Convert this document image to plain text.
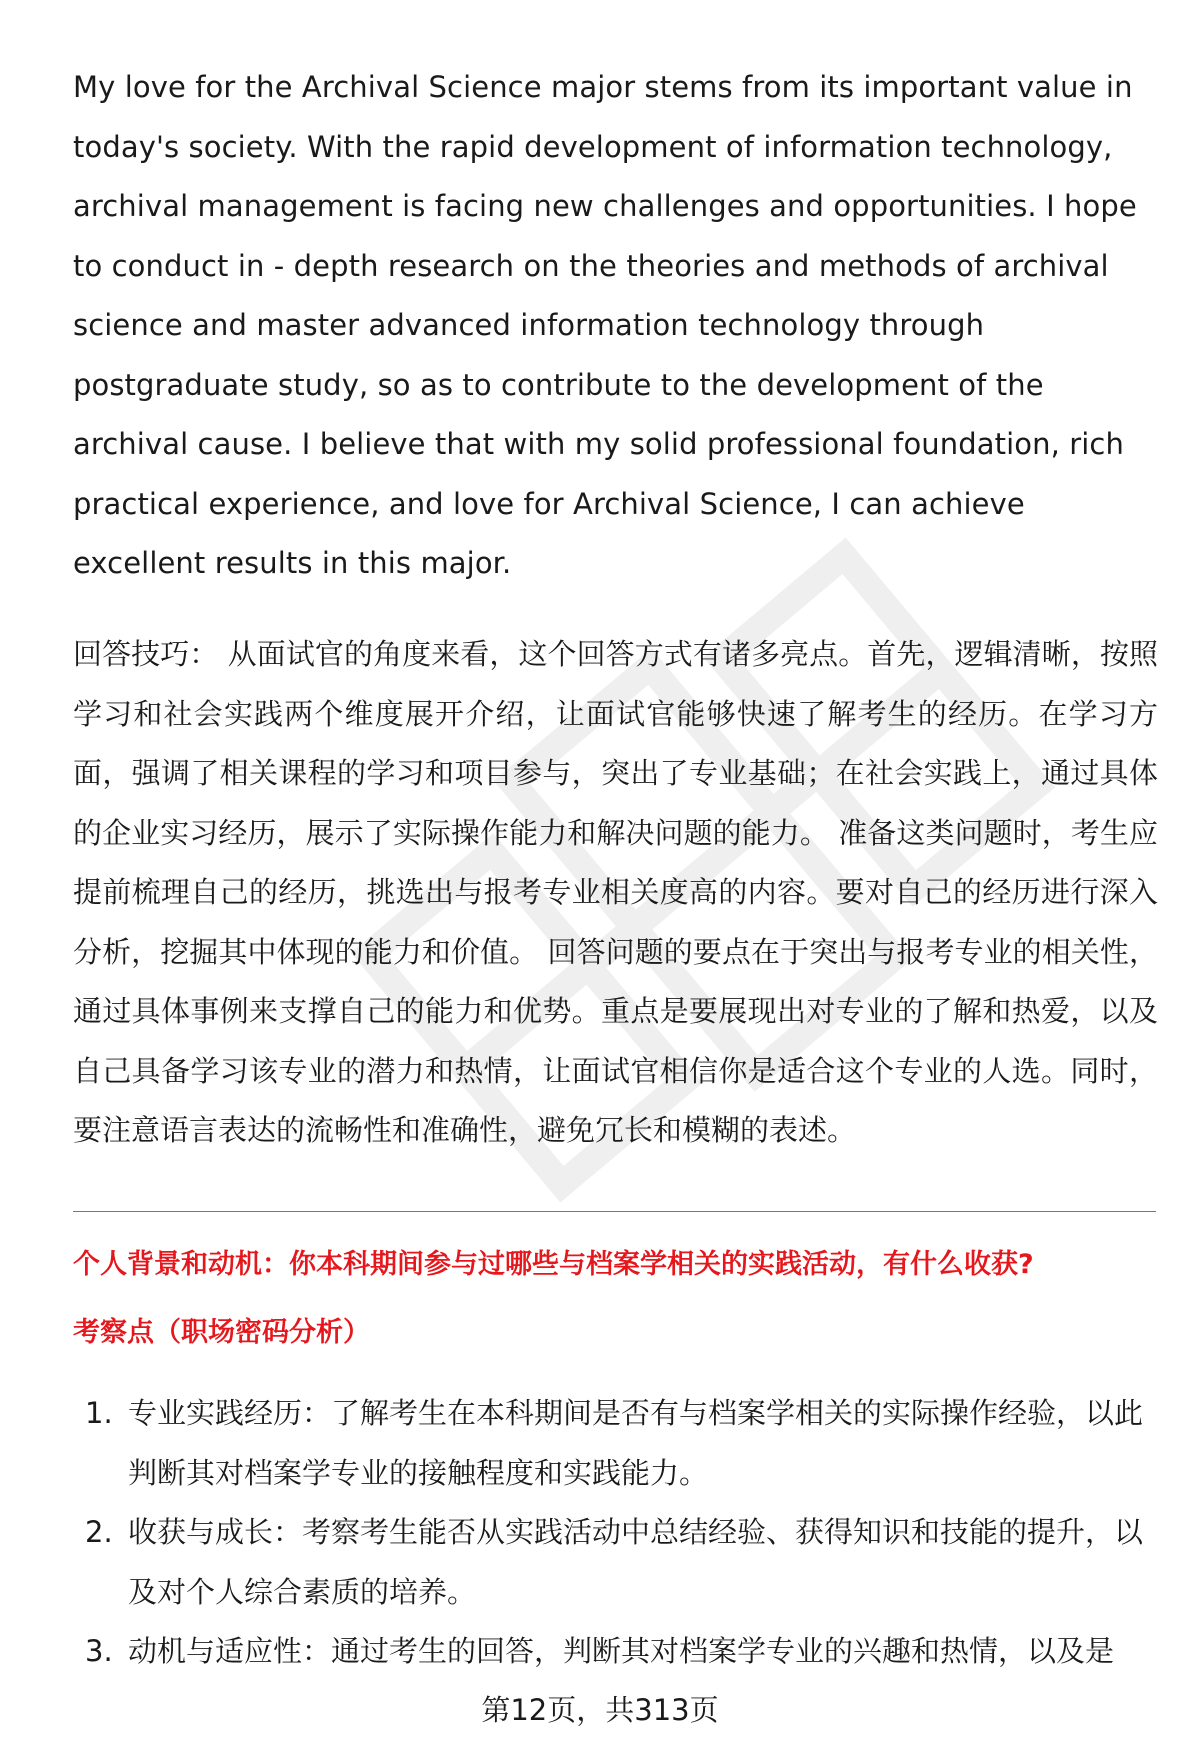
My love for the Archival Science major stems from its important value in today's society. With the rapid development of information technology, archival management is facing new challenges and opportunities. I hope to conduct in - depth research on the theories and methods of archival science and master advanced information technology through postgraduate study, so as to contribute to the development of the archival cause. I believe that with my solid professional foundation, rich practical experience, and love for Archival Science, I can achieve excellent results in this major.

回答技巧： 从面试官的角度来看，这个回答方式有诸多亮点。首先，逻辑清晰，按照学习和社会实践两个维度展开介绍，让面试官能够快速了解考生的经历。在学习方面，强调了相关课程的学习和项目参与，突出了专业基础；在社会实践上，通过具体的企业实习经历，展示了实际操作能力和解决问题的能力。 准备这类问题时，考生应提前梳理自己的经历，挑选出与报考专业相关度高的内容。要对自己的经历进行深入分析，挖掘其中体现的能力和价值。 回答问题的要点在于突出与报考专业的相关性，通过具体事例来支撑自己的能力和优势。重点是要展现出对专业的了解和热爱，以及自己具备学习该专业的潜力和热情，让面试官相信你是适合这个专业的人选。同时，要注意语言表达的流畅性和准确性，避免冗长和模糊的表述。

个人背景和动机：你本科期间参与过哪些与档案学相关的实践活动，有什么收获?
考察点（职场密码分析）
1. 专业实践经历：了解考生在本科期间是否有与档案学相关的实际操作经验，以此判断其对档案学专业的接触程度和实践能力。
2. 收获与成长：考察考生能否从实践活动中总结经验、获得知识和技能的提升，以及对个人综合素质的培养。
3. 动机与适应性：通过考生的回答，判断其对档案学专业的兴趣和热情，以及是
第12页，共313页
